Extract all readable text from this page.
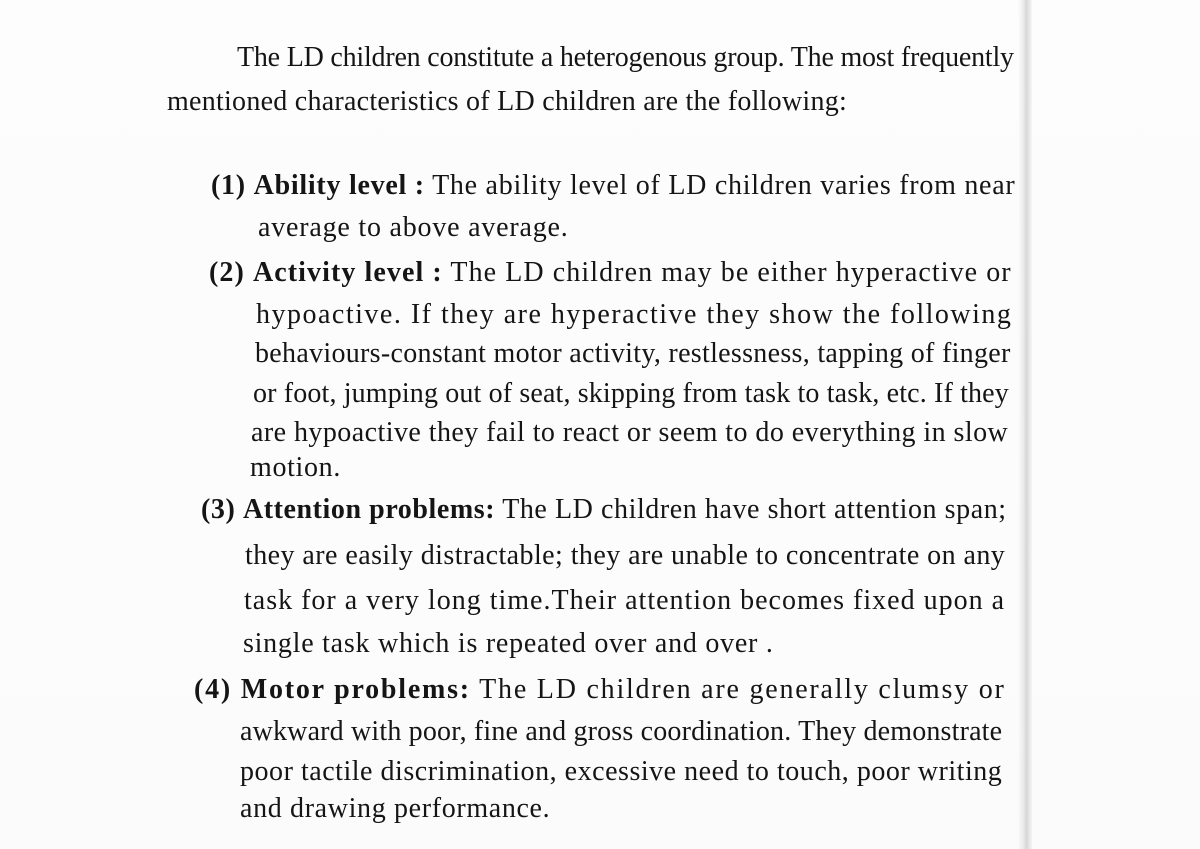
The LD children constitute a heterogenous group. The most frequently
mentioned characteristics of LD children are the following:
(1) Ability level : The ability level of LD children varies from near
average to above average.
(2) Activity level : The LD children may be either hyperactive or
hypoactive. If they are hyperactive they show the following
behaviours-constant motor activity, restlessness, tapping of finger
or foot, jumping out of seat, skipping from task to task, etc. If they
are hypoactive they fail to react or seem to do everything in slow
motion.
(3) Attention problems: The LD children have short attention span;
they are easily distractable; they are unable to concentrate on any
task for a very long time.Their attention becomes fixed upon a
single task which is repeated over and over .
(4) Motor problems: The LD children are generally clumsy or
awkward with poor, fine and gross coordination. They demonstrate
poor tactile discrimination, excessive need to touch, poor writing
and drawing performance.
